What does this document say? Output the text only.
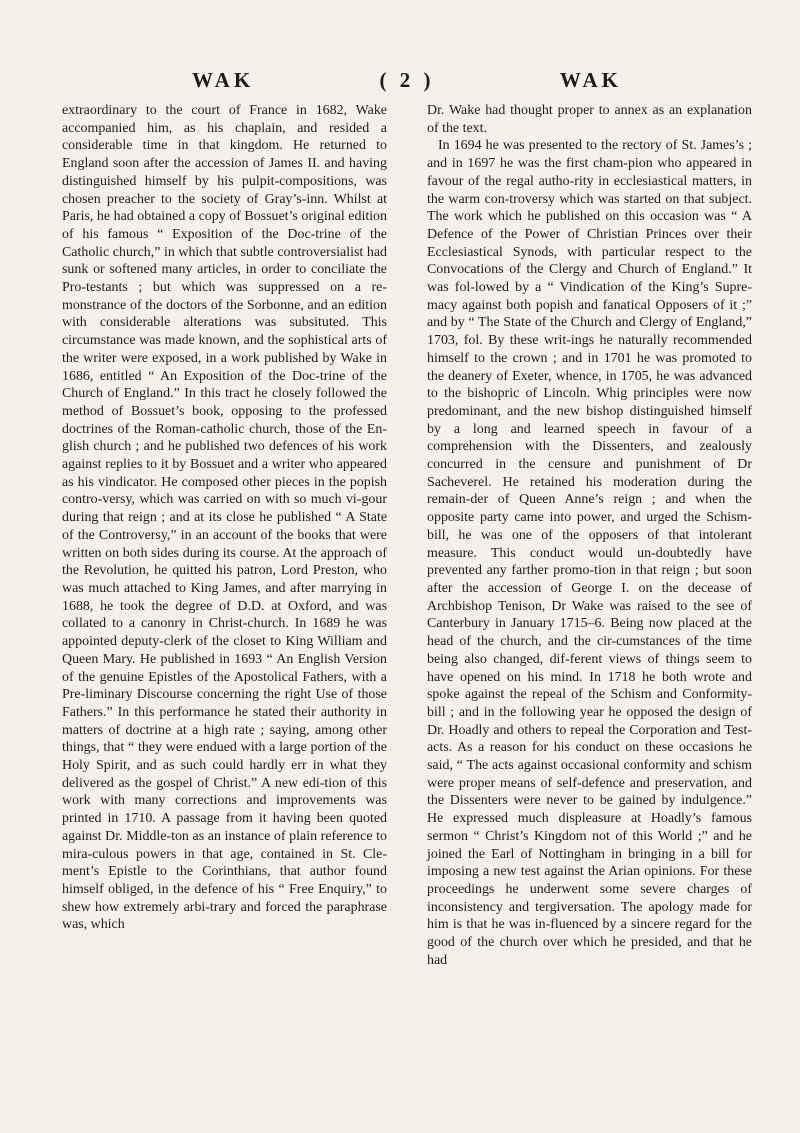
WAK	( 2 )	WAK

extraordinary to the court of France in 1682, Wake accompanied him, as his chaplain, and resided a considerable time in that kingdom. He returned to England soon after the accession of James II. and having distinguished himself by his pulpit-compositions, was chosen preacher to the society of Gray’s-inn. Whilst at Paris, he had obtained a copy of Bossuet’s original edition of his famous “ Exposition of the Doc-trine of the Catholic church,” in which that subtle controversialist had sunk or softened many articles, in order to conciliate the Pro-testants ; but which was suppressed on a re-monstrance of the doctors of the Sorbonne, and an edition with considerable alterations was subsituted. This circumstance was made known, and the sophistical arts of the writer were exposed, in a work published by Wake in 1686, entitled “ An Exposition of the Doc-trine of the Church of England.” In this tract he closely followed the method of Bossuet’s book, opposing to the professed doctrines of the Roman-catholic church, those of the En-glish church ; and he published two defences of his work against replies to it by Bossuet and a writer who appeared as his vindicator. He composed other pieces in the popish contro-versy, which was carried on with so much vi-gour during that reign ; and at its close he published “ A State of the Controversy,” in an account of the books that were written on both sides during its course. At the approach of the Revolution, he quitted his patron, Lord Preston, who was much attached to King James, and after marrying in 1688, he took the degree of D.D. at Oxford, and was collated to a canonry in Christ-church. In 1689 he was appointed deputy-clerk of the closet to King William and Queen Mary. He published in 1693 “ An English Version of the genuine Epistles of the Apostolical Fathers, with a Pre-liminary Discourse concerning the right Use of those Fathers.” In this performance he stated their authority in matters of doctrine at a high rate ; saying, among other things, that “ they were endued with a large portion of the Holy Spirit, and as such could hardly err in what they delivered as the gospel of Christ.” A new edi-tion of this work with many corrections and improvements was printed in 1710. A passage from it having been quoted against Dr. Middle-ton as an instance of plain reference to mira-culous powers in that age, contained in St. Cle-ment’s Epistle to the Corinthians, that author found himself obliged, in the defence of his “ Free Enquiry,” to shew how extremely arbi-trary and forced the paraphrase was, which

Dr. Wake had thought proper to annex as an explanation of the text.

In 1694 he was presented to the rectory of St. James’s ; and in 1697 he was the first cham-pion who appeared in favour of the regal autho-rity in ecclesiastical matters, in the warm con-troversy which was started on that subject. The work which he published on this occasion was “ A Defence of the Power of Christian Princes over their Ecclesiastical Synods, with particular respect to the Convocations of the Clergy and Church of England.” It was fol-lowed by a “ Vindication of the King’s Supre-macy against both popish and fanatical Opposers of it ;” and by “ The State of the Church and Clergy of England,” 1703, fol. By these writ-ings he naturally recommended himself to the crown ; and in 1701 he was promoted to the deanery of Exeter, whence, in 1705, he was advanced to the bishopric of Lincoln. Whig principles were now predominant, and the new bishop distinguished himself by a long and learned speech in favour of a comprehension with the Dissenters, and zealously concurred in the censure and punishment of Dr Sacheverel. He retained his moderation during the remain-der of Queen Anne’s reign ; and when the opposite party came into power, and urged the Schism-bill, he was one of the opposers of that intolerant measure. This conduct would un-doubtedly have prevented any farther promo-tion in that reign ; but soon after the accession of George I. on the decease of Archbishop Tenison, Dr Wake was raised to the see of Canterbury in January 1715–6. Being now placed at the head of the church, and the cir-cumstances of the time being also changed, dif-ferent views of things seem to have opened on his mind. In 1718 he both wrote and spoke against the repeal of the Schism and Conformity-bill ; and in the following year he opposed the design of Dr. Hoadly and others to repeal the Corporation and Test-acts. As a reason for his conduct on these occasions he said, “ The acts against occasional conformity and schism were proper means of self-defence and preservation, and the Dissenters were never to be gained by indulgence.” He expressed much displeasure at Hoadly’s famous sermon “ Christ’s Kingdom not of this World ;” and he joined the Earl of Nottingham in bringing in a bill for imposing a new test against the Arian opinions. For these proceedings he underwent some severe charges of inconsistency and tergiversation. The apology made for him is that he was in-fluenced by a sincere regard for the good of the church over which he presided, and that he had
